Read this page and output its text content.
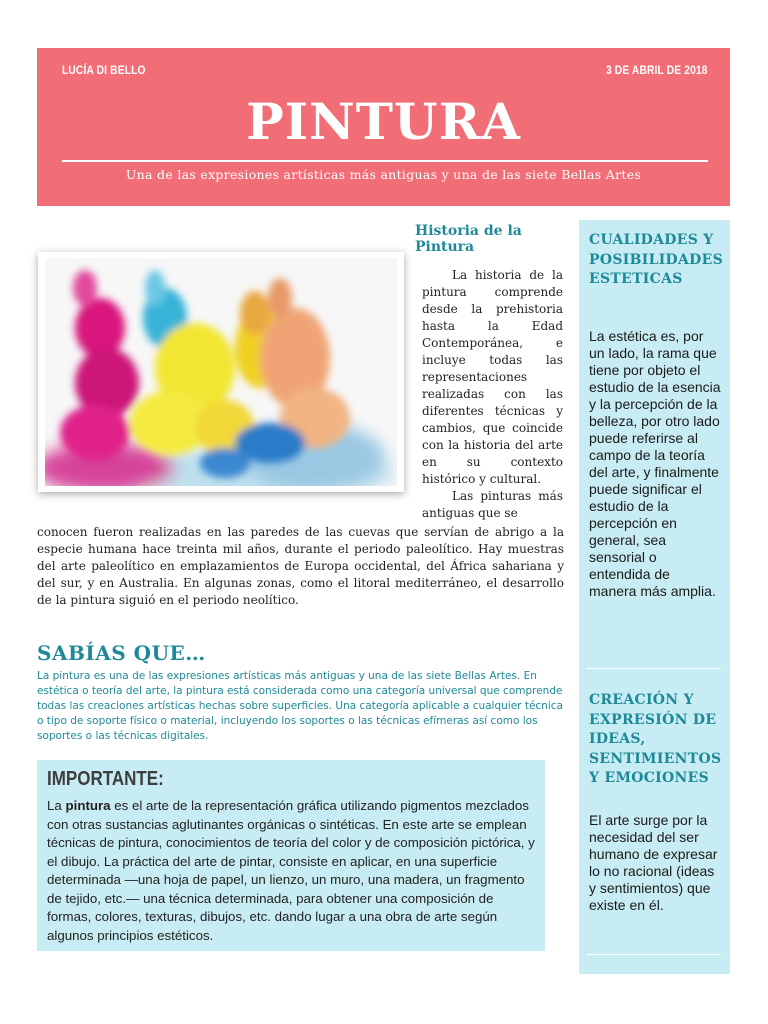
LUCÍA DI BELLO	3 DE ABRIL DE 2018
PINTURA
Una de las expresiones artísticas más antiguas y una de las siete Bellas Artes
Historia de la Pintura

La historia de la pintura comprende desde la prehistoria hasta la Edad Contemporánea, e incluye todas las representaciones realizadas con las diferentes técnicas y cambios, que coincide con la historia del arte en su contexto histórico y cultural.

Las pinturas más antiguas que se

conocen fueron realizadas en las paredes de las cuevas que servían de abrigo a la especie humana hace treinta mil años, durante el periodo paleolítico. Hay muestras del arte paleolítico en emplazamientos de Europa occidental, del África sahariana y del sur, y en Australia. En algunas zonas, como el litoral mediterráneo, el desarrollo de la pintura siguió en el periodo neolítico.
SABÍAS QUE…
La pintura es una de las expresiones artísticas más antiguas y una de las siete Bellas Artes. En estética o teoría del arte, la pintura está considerada como una categoría universal que comprende todas las creaciones artísticas hechas sobre superficies. Una categoría aplicable a cualquier técnica o tipo de soporte físico o material, incluyendo los soportes o las técnicas efímeras así como los soportes o las técnicas digitales.
IMPORTANTE:
La pintura es el arte de la representación gráfica utilizando pigmentos mezclados con otras sustancias aglutinantes orgánicas o sintéticas. En este arte se emplean técnicas de pintura, conocimientos de teoría del color y de composición pictórica, y el dibujo. La práctica del arte de pintar, consiste en aplicar, en una superficie determinada —una hoja de papel, un lienzo, un muro, una madera, un fragmento de tejido, etc.— una técnica determinada, para obtener una composición de formas, colores, texturas, dibujos, etc. dando lugar a una obra de arte según algunos principios estéticos.
CUALIDADES Y POSIBILIDADES ESTETICAS
La estética es, por un lado, la rama que tiene por objeto el estudio de la esencia y la percepción de la belleza, por otro lado puede referirse al campo de la teoría del arte, y finalmente puede significar el estudio de la percepción en general, sea sensorial o entendida de manera más amplia.
CREACIÓN Y EXPRESIÓN DE IDEAS, SENTIMIENTOS Y EMOCIONES
El arte surge por la necesidad del ser humano de expresar lo no racional (ideas y sentimientos) que existe en él.
